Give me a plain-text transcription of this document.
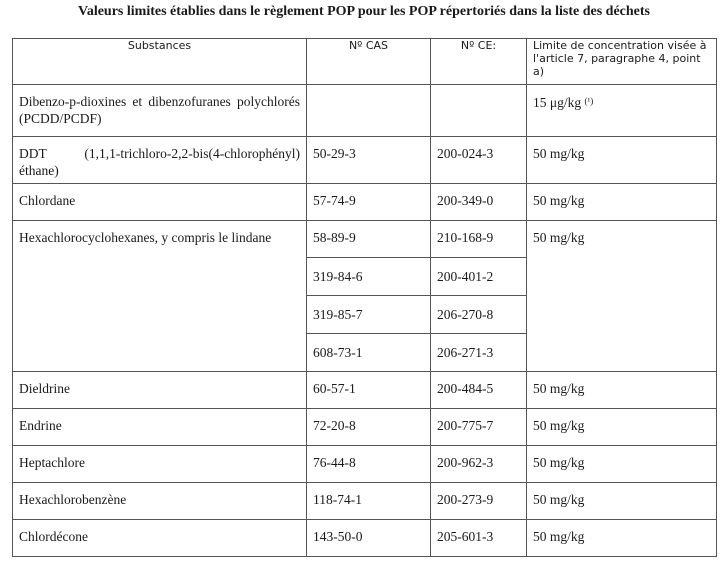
Valeurs limites établies dans le règlement POP pour les POP répertoriés dans la liste des déchets
Substances	Nº CAS	Nº CE:	Limite de concentration visée à l'article 7, paragraphe 4, point a)

Dibenzo-p-dioxines et dibenzofuranes polychlorés (PCDD/PCDF)			15 μg/kg $^{(^1)}$

DDT (1,1,1-trichloro-2,2-bis(4-chlorophényl) éthane)	50-29-3	200-024-3	50 mg/kg

Chlordane	57-74-9	200-349-0	50 mg/kg

Hexachlorocyclohexanes, y compris le lindane	58-89-9	210-168-9	50 mg/kg

	319-84-6	200-401-2	

	319-85-7	206-270-8	

	608-73-1	206-271-3	

Dieldrine	60-57-1	200-484-5	50 mg/kg

Endrine	72-20-8	200-775-7	50 mg/kg

Heptachlore	76-44-8	200-962-3	50 mg/kg

Hexachlorobenzène	118-74-1	200-273-9	50 mg/kg

Chlordécone	143-50-0	205-601-3	50 mg/kg
